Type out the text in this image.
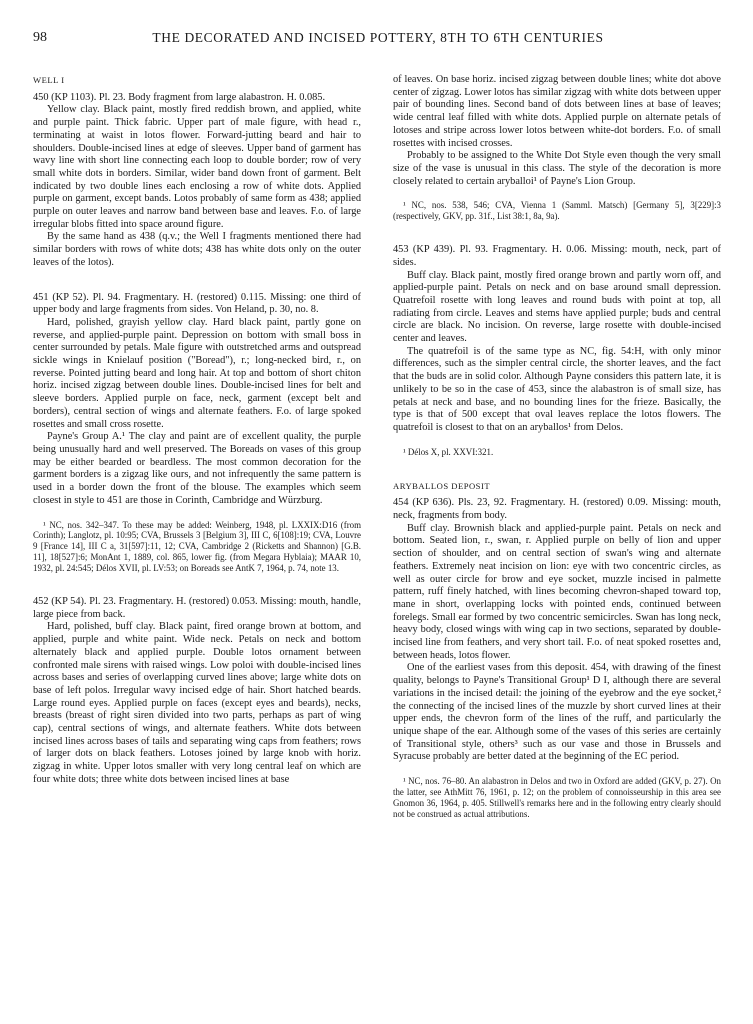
98	THE DECORATED AND INCISED POTTERY, 8TH TO 6TH CENTURIES

WELL I

450 (KP 1103). Pl. 23. Body fragment from large alabastron. H. 0.085.

Yellow clay. Black paint, mostly fired reddish brown, and applied, white and purple paint. Thick fabric. Upper part of male figure, with head r., terminating at waist in lotos flower. Forward-jutting beard and hair to shoulders. Double-incised lines at edge of sleeves. Upper band of garment has wavy line with short line connecting each loop to double border; row of very small white dots in borders. Similar, wider band down front of garment. Belt indicated by two double lines each enclosing a row of white dots. Applied purple on garment, except bands. Lotos probably of same form as 438; applied purple on outer leaves and narrow band between base and leaves. F.o. of large irregular blobs fitted into space around figure.

By the same hand as 438 (q.v.; the Well I fragments mentioned there had similar borders with rows of white dots; 438 has white dots only on the outer leaves of the lotos).

451 (KP 52). Pl. 94. Fragmentary. H. (restored) 0.115. Missing: one third of upper body and large fragments from sides. Von Heland, p. 30, no. 8.

Hard, polished, grayish yellow clay. Hard black paint, partly gone on reverse, and applied-purple paint. Depression on bottom with small boss in center surrounded by petals. Male figure with outstretched arms and outspread sickle wings in Knielauf position ("Boread"), r.; long-necked bird, r., on reverse. Pointed jutting beard and long hair. At top and bottom of short chiton horiz. incised zigzag between double lines. Double-incised lines for belt and sleeve borders. Applied purple on face, neck, garment (except belt and borders), central section of wings and alternate feathers. F.o. of large spoked rosettes and small cross rosette.

Payne's Group A.¹ The clay and paint are of excellent quality, the purple being unusually hard and well preserved. The Boreads on vases of this group may be either bearded or beardless. The most common decoration for the garment borders is a zigzag like ours, and not infrequently the same pattern is used in a border down the front of the blouse. The examples which seem closest in style to 451 are those in Corinth, Cambridge and Würzburg.

¹ NC, nos. 342–347. To these may be added: Weinberg, 1948, pl. LXXIX:D16 (from Corinth); Langlotz, pl. 10:95; CVA, Brussels 3 [Belgium 3], III C, 6[108]:19; CVA, Louvre 9 [France 14], III C a, 31[597]:11, 12; CVA, Cambridge 2 (Ricketts and Shannon) [G.B. 11], 18[527]:6; MonAnt 1, 1889, col. 865, lower fig. (from Megara Hyblaia); MAAR 10, 1932, pl. 24:545; Délos XVII, pl. LV:53; on Boreads see AntK 7, 1964, p. 74, note 13.

452 (KP 54). Pl. 23. Fragmentary. H. (restored) 0.053. Missing: mouth, handle, large piece from back.

Hard, polished, buff clay. Black paint, fired orange brown at bottom, and applied, purple and white paint. Wide neck. Petals on neck and bottom alternately black and applied purple. Double lotos ornament between confronted male sirens with raised wings. Low poloi with double-incised lines across bases and series of overlapping curved lines above; large white dots on base of left polos. Irregular wavy incised edge of hair. Short hatched beards. Large round eyes. Applied purple on faces (except eyes and beards), necks, breasts (breast of right siren divided into two parts, perhaps as part of wing cap), central sections of wings, and alternate feathers. White dots between incised lines across bases of tails and separating wing caps from feathers; rows of larger dots on black feathers. Lotoses joined by large knob with horiz. zigzag in white. Upper lotos smaller with very long central leaf on which are four white dots; three white dots between incised lines at base

of leaves. On base horiz. incised zigzag between double lines; white dot above center of zigzag. Lower lotos has similar zigzag with white dots between upper pair of bounding lines. Second band of dots between lines at base of leaves; wide central leaf filled with white dots. Applied purple on alternate petals of lotoses and stripe across lower lotos between white-dot borders. F.o. of small rosettes with incised crosses.

Probably to be assigned to the White Dot Style even though the very small size of the vase is unusual in this class. The style of the decoration is more closely related to certain aryballoi¹ of Payne's Lion Group.

¹ NC, nos. 538, 546; CVA, Vienna 1 (Samml. Matsch) [Germany 5], 3[229]:3 (respectively, GKV, pp. 31f., List 38:1, 8a, 9a).

453 (KP 439). Pl. 93. Fragmentary. H. 0.06. Missing: mouth, neck, part of sides.

Buff clay. Black paint, mostly fired orange brown and partly worn off, and applied-purple paint. Petals on neck and on base around small depression. Quatrefoil rosette with long leaves and round buds with point at top, all radiating from circle. Leaves and stems have applied purple; buds and central circle are black. No incision. On reverse, large rosette with double-incised center and leaves.

The quatrefoil is of the same type as NC, fig. 54:H, with only minor differences, such as the simpler central circle, the shorter leaves, and the fact that the buds are in solid color. Although Payne considers this pattern late, it is unlikely to be so in the case of 453, since the alabastron is of small size, has petals at neck and base, and no bounding lines for the frieze. Basically, the type is that of 500 except that oval leaves replace the lotos flowers. The quatrefoil is closest to that on an aryballos¹ from Delos.

¹ Délos X, pl. XXVI:321.

ARYBALLOS DEPOSIT

454 (KP 636). Pls. 23, 92. Fragmentary. H. (restored) 0.09. Missing: mouth, neck, fragments from body.

Buff clay. Brownish black and applied-purple paint. Petals on neck and bottom. Seated lion, r., swan, r. Applied purple on belly of lion and upper section of shoulder, and on central section of swan's wing and alternate feathers. Extremely neat incision on lion: eye with two concentric circles, as well as outer circle for brow and eye socket, muzzle incised in palmette pattern, ruff finely hatched, with lines becoming chevron-shaped toward top, mane in short, overlapping locks with pointed ends, continued between forelegs. Small ear formed by two concentric semicircles. Swan has long neck, heavy body, closed wings with wing cap in two sections, separated by double-incised line from feathers, and very short tail. F.o. of neat spoked rosettes and, between heads, lotos flower.

One of the earliest vases from this deposit. 454, with drawing of the finest quality, belongs to Payne's Transitional Group¹ D I, although there are several variations in the incised detail: the joining of the eyebrow and the eye socket,² the connecting of the incised lines of the muzzle by short curved lines at their upper ends, the chevron form of the lines of the ruff, and particularly the unique shape of the ear. Although some of the vases of this series are certainly of Transitional style, others³ such as our vase and those in Brussels and Syracuse probably are better dated at the beginning of the EC period.

¹ NC, nos. 76–80. An alabastron in Delos and two in Oxford are added (GKV, p. 27). On the latter, see AthMitt 76, 1961, p. 12; on the problem of connoisseurship in this area see Gnomon 36, 1964, p. 405. Stillwell's remarks here and in the following entry clearly should not be construed as actual attributions.
